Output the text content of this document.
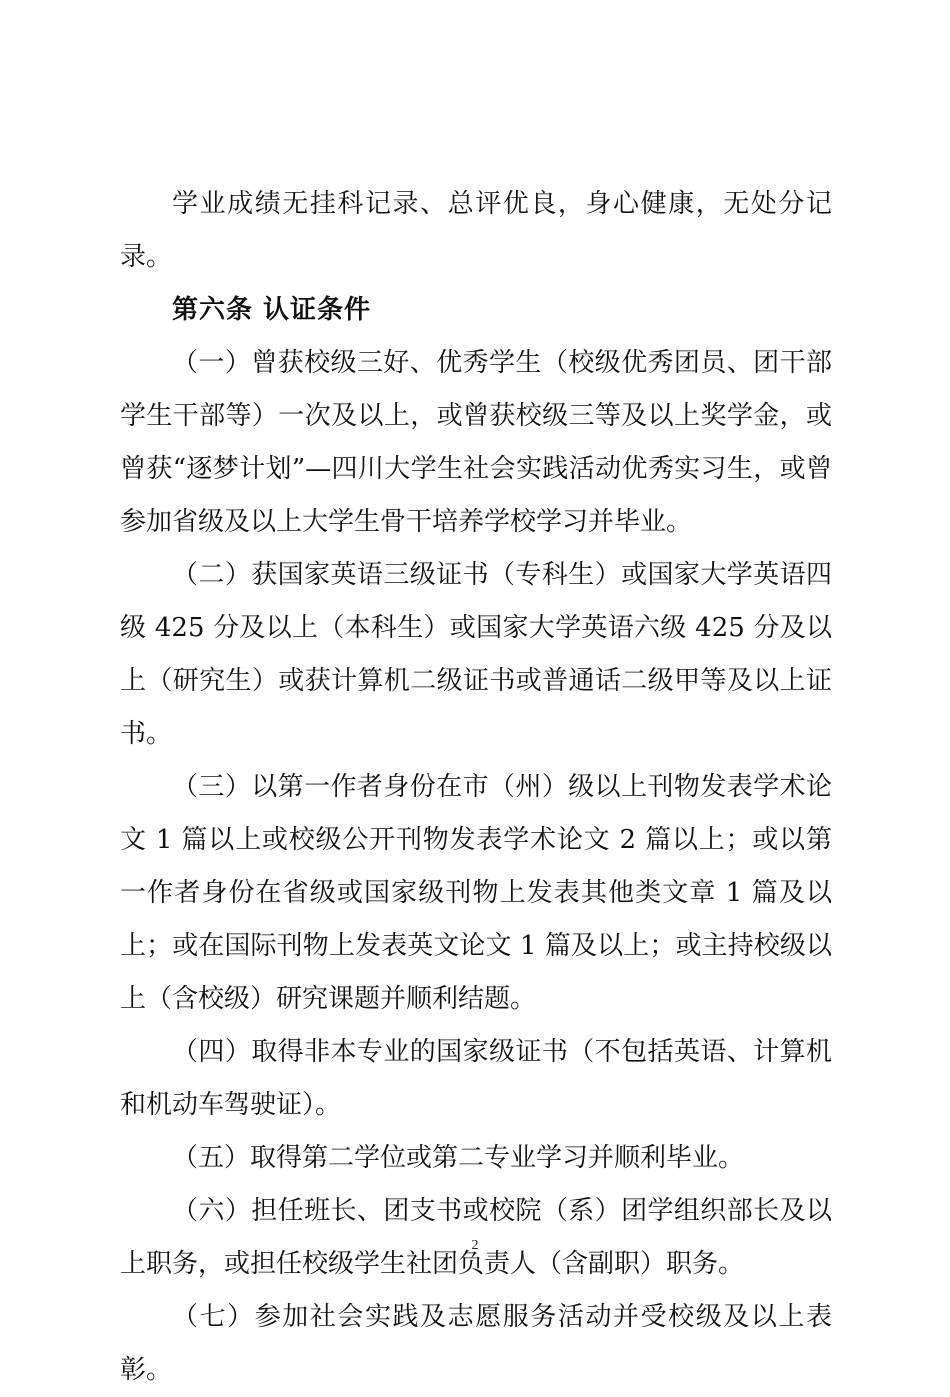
学业成绩无挂科记录、总评优良，身心健康，无处分记录。

第六条 认证条件

（一）曾获校级三好、优秀学生（校级优秀团员、团干部学生干部等）一次及以上，或曾获校级三等及以上奖学金，或曾获“逐梦计划”—四川大学生社会实践活动优秀实习生，或曾参加省级及以上大学生骨干培养学校学习并毕业。

（二）获国家英语三级证书（专科生）或国家大学英语四级 425 分及以上（本科生）或国家大学英语六级 425 分及以上（研究生）或获计算机二级证书或普通话二级甲等及以上证书。

（三）以第一作者身份在市（州）级以上刊物发表学术论文 1 篇以上或校级公开刊物发表学术论文 2 篇以上；或以第一作者身份在省级或国家级刊物上发表其他类文章 1 篇及以上；或在国际刊物上发表英文论文 1 篇及以上；或主持校级以上（含校级）研究课题并顺利结题。

（四）取得非本专业的国家级证书（不包括英语、计算机和机动车驾驶证）。

（五）取得第二学位或第二专业学习并顺利毕业。

（六）担任班长、团支书或校院（系）团学组织部长及以上职务，或担任校级学生社团负责人（含副职）职务。

（七）参加社会实践及志愿服务活动并受校级及以上表彰。

2
